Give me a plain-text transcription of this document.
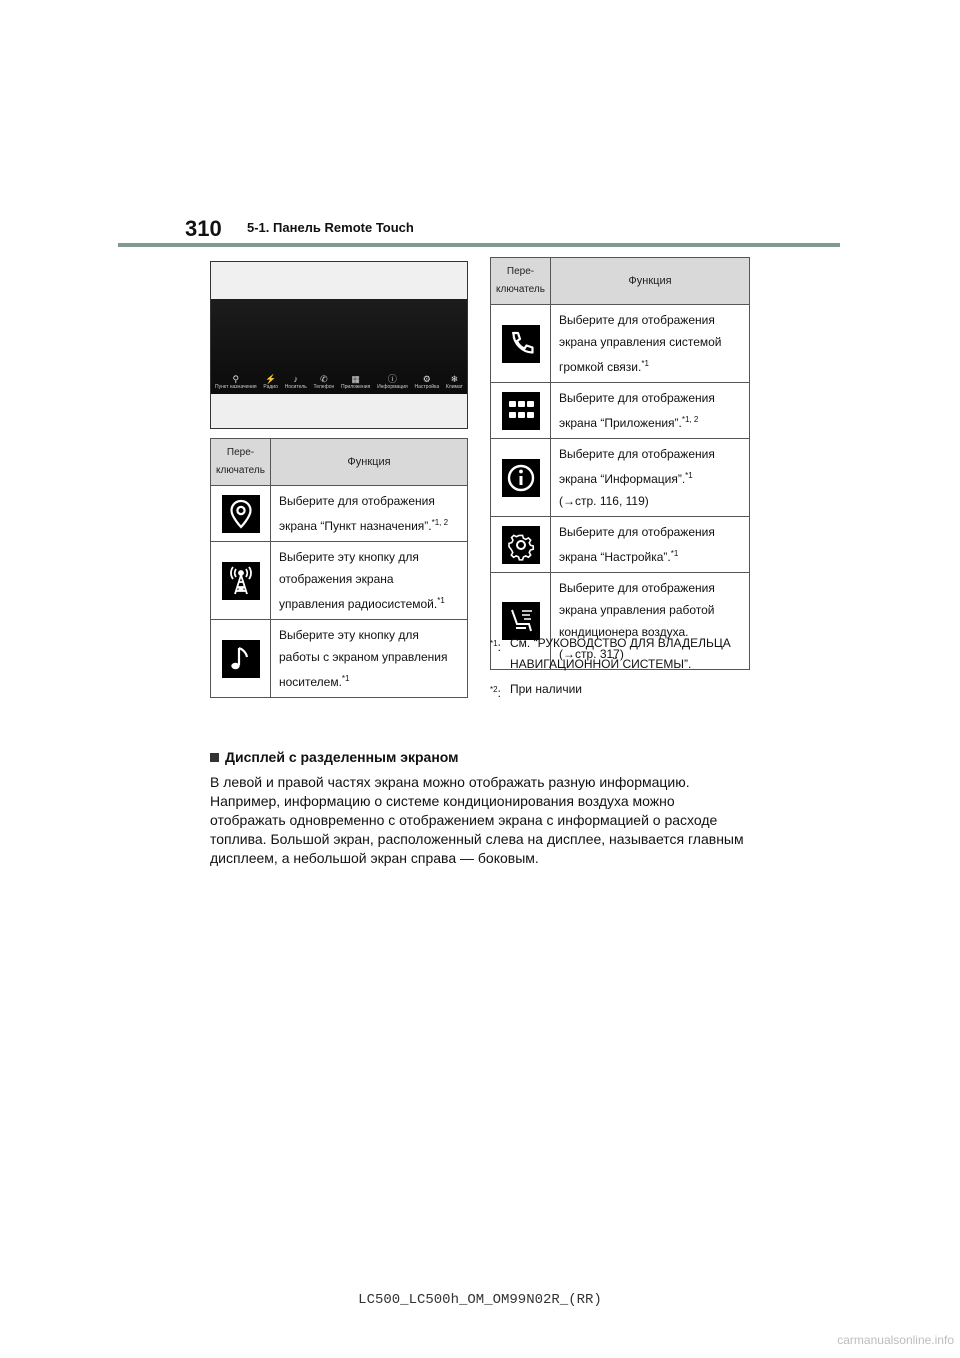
310 5-1. Панель Remote Touch
⚲
Пункт назначения
⚡
Радио
♪
Носитель
✆
Телефон
▦
Приложения
ⓘ
Информация
⚙
Настройка
❄
Климат
Пере-
ключатель	Функция

	Выберите для отображения экрана “Пункт назначения”.$^{*1, 2}$

	Выберите эту кнопку для отображения экрана управления радиосистемой.$^{*1}$

	Выберите эту кнопку для работы с экраном управления носителем.$^{*1}$
Пере-
ключатель	Функция

	Выберите для отображения экрана управления системой громкой связи.$^{*1}$

	Выберите для отображения экрана “Приложения”.$^{*1, 2}$

	Выберите для отображения экрана “Информация”.$^{*1}$
(→стр. 116, 119)

	Выберите для отображения экрана “Настройка”.$^{*1}$

	Выберите для отображения экрана управления работой кондиционера воздуха.
(→стр. 317)
$^{*1}$: См. “РУКОВОДСТВО ДЛЯ ВЛАДЕЛЬЦА НАВИГАЦИОННОЙ СИСТЕМЫ”.
$^{*2}$: При наличии
Дисплей с разделенным экраном
В левой и правой частях экрана можно отображать разную информацию. Например, информацию о системе кондиционирования воздуха можно отображать одновременно с отображением экрана с информацией о расходе топлива. Большой экран, расположенный слева на дисплее, называется главным дисплеем, а небольшой экран справа — боковым.
LC500_LC500h_OM_OM99N02R_(RR)
carmanualsonline.info
